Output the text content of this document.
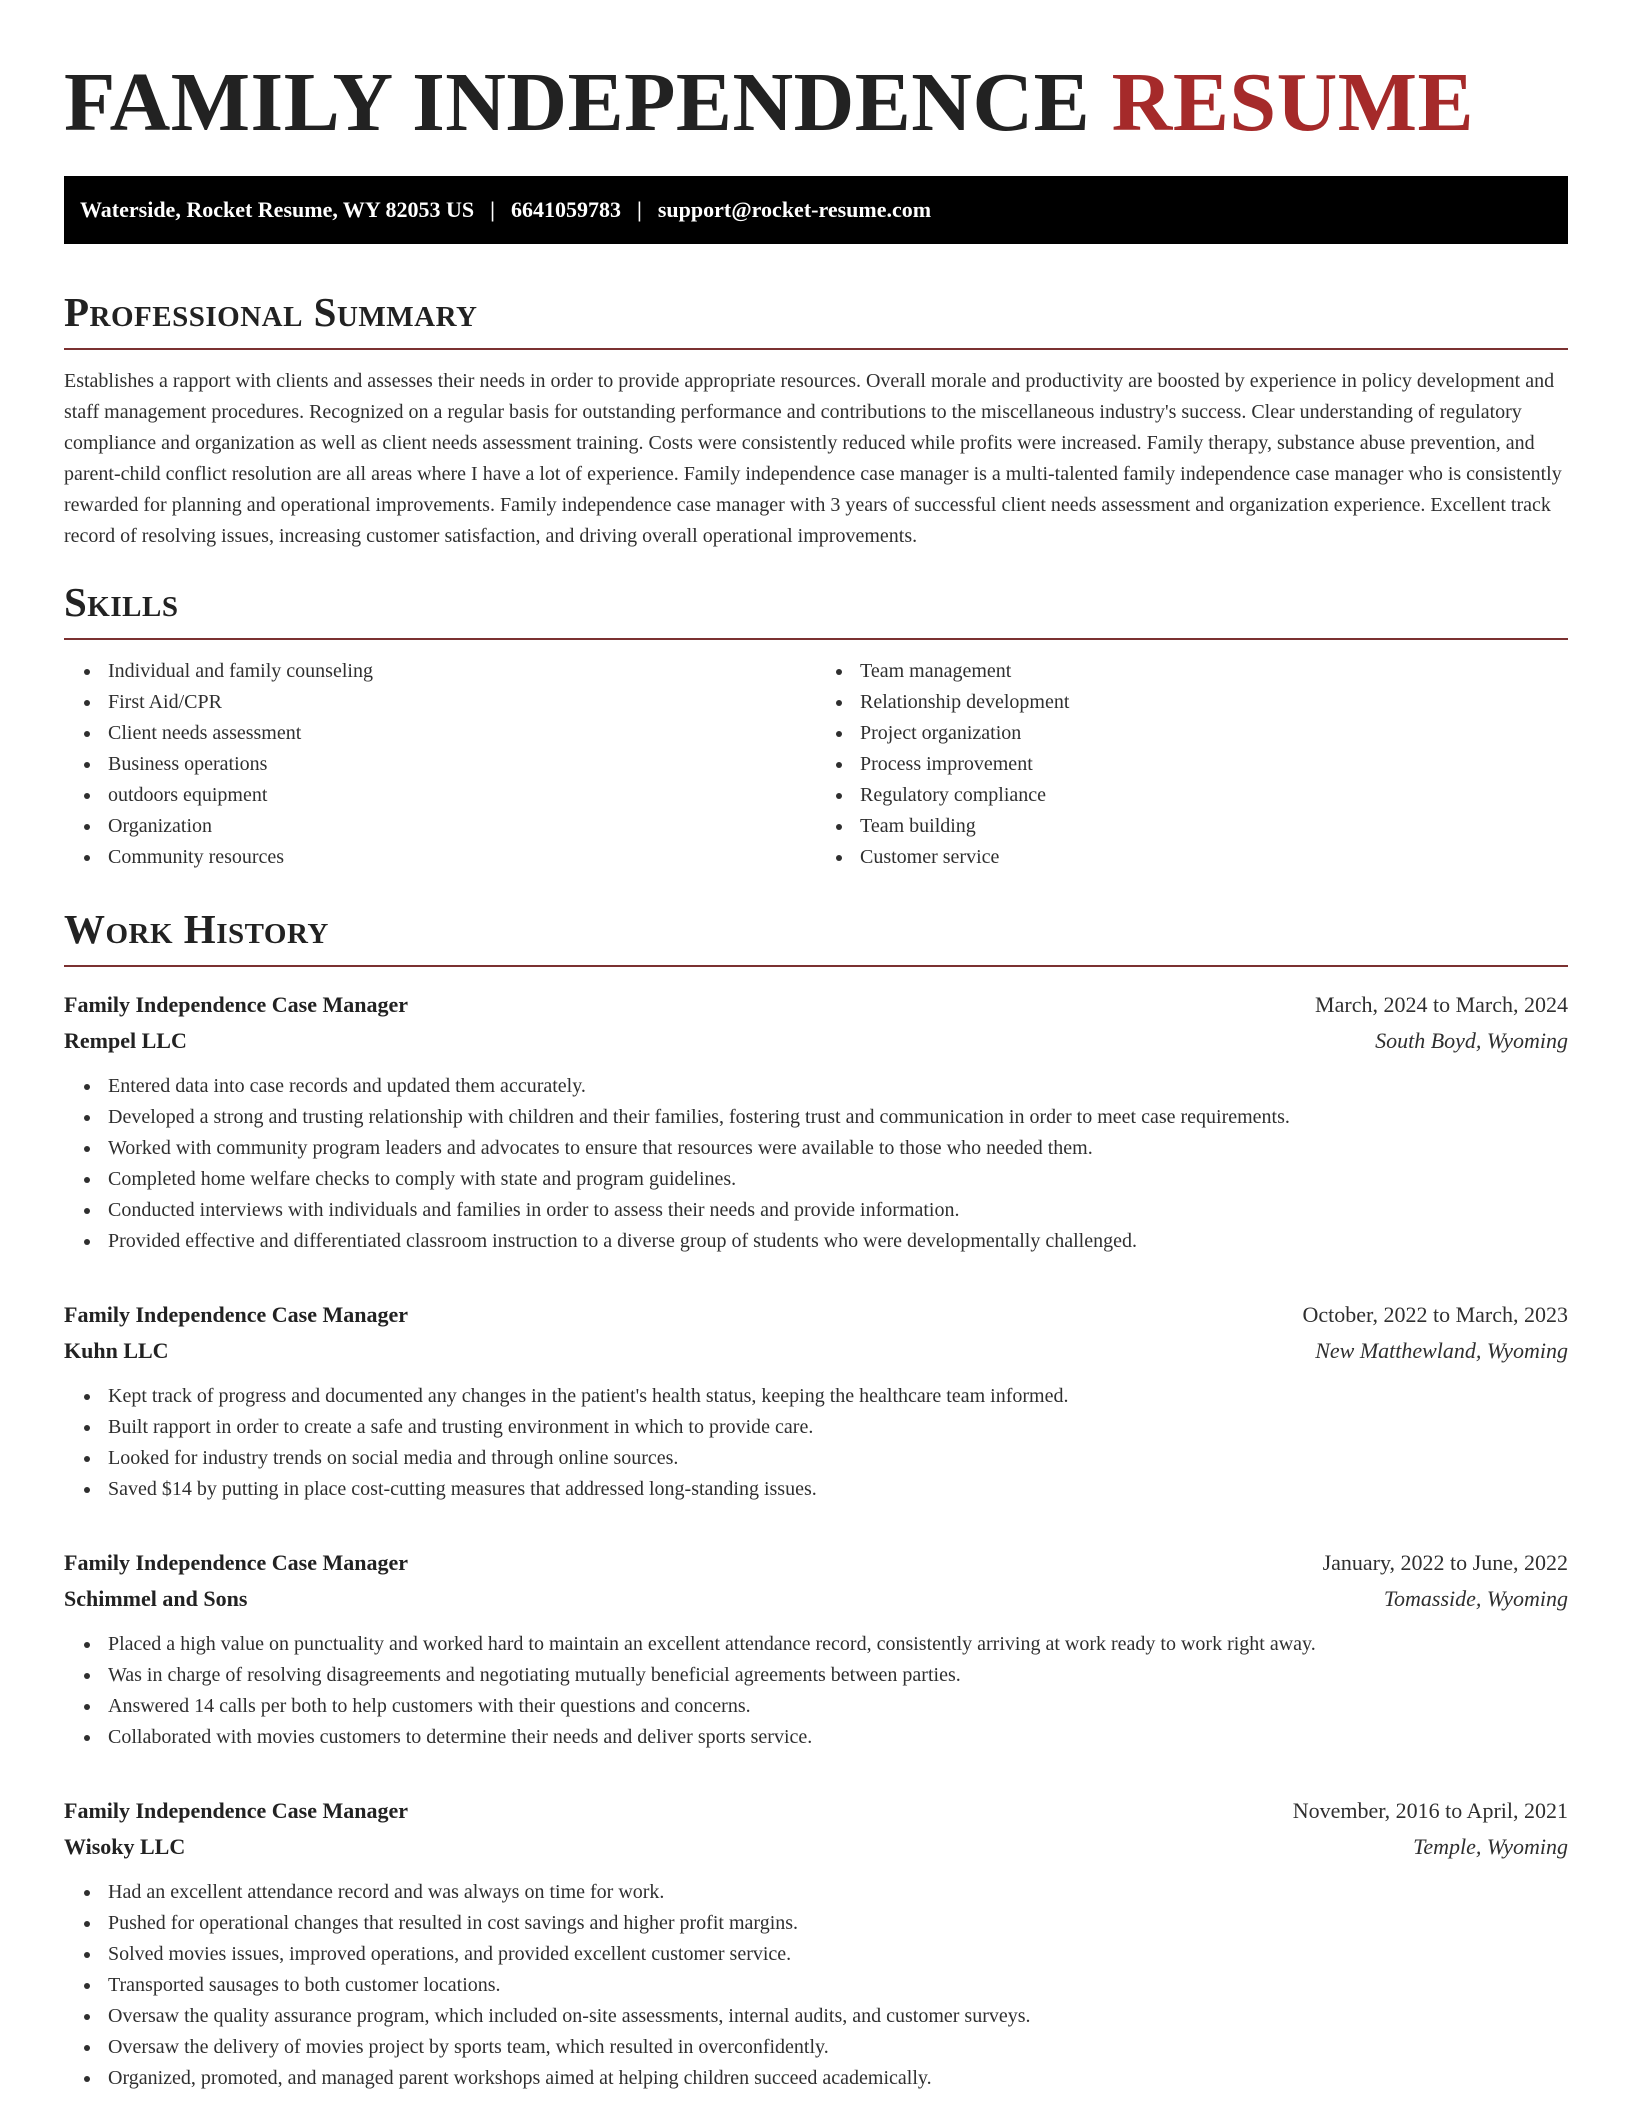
FAMILY INDEPENDENCE RESUME
Waterside, Rocket Resume, WY 82053 US | 6641059783 | support@rocket-resume.com
Professional Summary

Establishes a rapport with clients and assesses their needs in order to provide appropriate resources. Overall morale and productivity are boosted by experience in policy development and staff management procedures. Recognized on a regular basis for outstanding performance and contributions to the miscellaneous industry's success. Clear understanding of regulatory compliance and organization as well as client needs assessment training. Costs were consistently reduced while profits were increased. Family therapy, substance abuse prevention, and parent-child conflict resolution are all areas where I have a lot of experience. Family independence case manager is a multi-talented family independence case manager who is consistently rewarded for planning and operational improvements. Family independence case manager with 3 years of successful client needs assessment and organization experience. Excellent track record of resolving issues, increasing customer satisfaction, and driving overall operational improvements.

Skills
Individual and family counseling
First Aid/CPR
Client needs assessment
Business operations
outdoors equipment
Organization
Community resources
Team management
Relationship development
Project organization
Process improvement
Regulatory compliance
Team building
Customer service
Work History
Family Independence Case Manager	March, 2024 to March, 2024
Rempel LLC	South Boyd, Wyoming
Entered data into case records and updated them accurately.
Developed a strong and trusting relationship with children and their families, fostering trust and communication in order to meet case requirements.
Worked with community program leaders and advocates to ensure that resources were available to those who needed them.
Completed home welfare checks to comply with state and program guidelines.
Conducted interviews with individuals and families in order to assess their needs and provide information.
Provided effective and differentiated classroom instruction to a diverse group of students who were developmentally challenged.
Family Independence Case Manager	October, 2022 to March, 2023
Kuhn LLC	New Matthewland, Wyoming
Kept track of progress and documented any changes in the patient's health status, keeping the healthcare team informed.
Built rapport in order to create a safe and trusting environment in which to provide care.
Looked for industry trends on social media and through online sources.
Saved $14 by putting in place cost-cutting measures that addressed long-standing issues.
Family Independence Case Manager	January, 2022 to June, 2022
Schimmel and Sons	Tomasside, Wyoming
Placed a high value on punctuality and worked hard to maintain an excellent attendance record, consistently arriving at work ready to work right away.
Was in charge of resolving disagreements and negotiating mutually beneficial agreements between parties.
Answered 14 calls per both to help customers with their questions and concerns.
Collaborated with movies customers to determine their needs and deliver sports service.
Family Independence Case Manager	November, 2016 to April, 2021
Wisoky LLC	Temple, Wyoming
Had an excellent attendance record and was always on time for work.
Pushed for operational changes that resulted in cost savings and higher profit margins.
Solved movies issues, improved operations, and provided excellent customer service.
Transported sausages to both customer locations.
Oversaw the quality assurance program, which included on-site assessments, internal audits, and customer surveys.
Oversaw the delivery of movies project by sports team, which resulted in overconfidently.
Organized, promoted, and managed parent workshops aimed at helping children succeed academically.
